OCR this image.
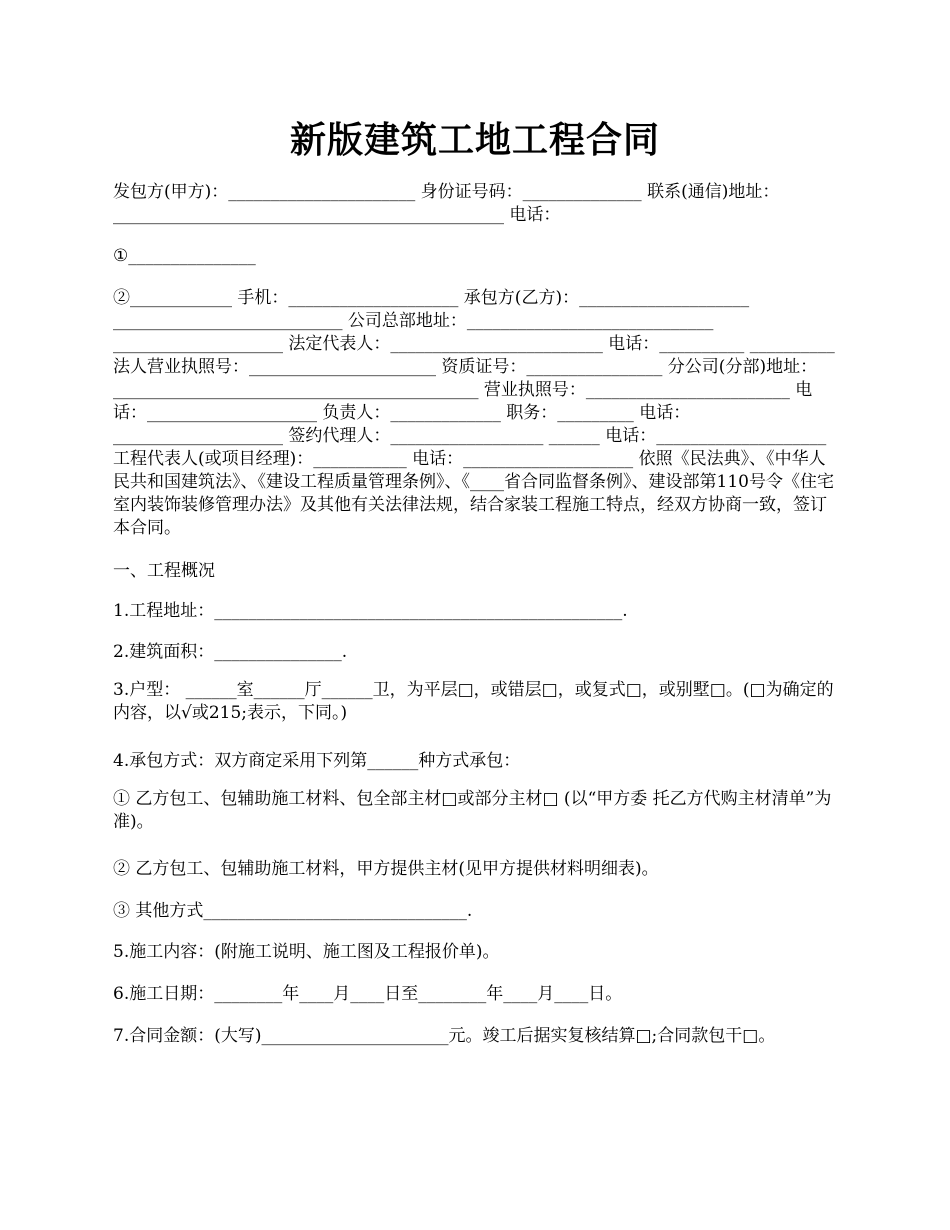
新版建筑工地工程合同
发包方(甲方)：______________________ 身份证号码：______________ 联系(通信)地址：______________________________________________ 电话：
①_______________
②____________ 手机：____________________ 承包方(乙方)：____________________ ___________________________ 公司总部地址：_____________________________ ____________________ 法定代表人：_________________________ 电话：__________ __________ 法人营业执照号：______________________ 资质证号：________________ 分公司(分部)地址：___________________________________________ 营业执照号：________________________ 电话：____________________ 负责人：_____________ 职务：_________ 电话：____________________ 签约代理人：__________________ ______ 电话：____________________ 工程代表人(或项目经理)：___________ 电话：____________________ 依照《民法典》、《中华人民共和国建筑法》、《建设工程质量管理条例》、《____省合同监督条例》、建设部第110号令《住宅室内装饰装修管理办法》及其他有关法律法规，结合家装工程施工特点，经双方协商一致，签订本合同。
一、工程概况
1.工程地址：________________________________________________.
2.建筑面积：_______________.
3.户型： ______室______厅______卫，为平层□，或错层□，或复式□，或别墅□。(□为确定的内容，以√或215;表示，下同。)
4.承包方式：双方商定采用下列第______种方式承包：
① 乙方包工、包辅助施工材料、包全部主材□或部分主材□ (以“甲方委 托乙方代购主材清单”为准)。
② 乙方包工、包辅助施工材料，甲方提供主材(见甲方提供材料明细表)。
③ 其他方式_______________________________.
5.施工内容：(附施工说明、施工图及工程报价单)。
6.施工日期：________年____月____日至________年____月____日。
7.合同金额：(大写)______________________元。竣工后据实复核结算□;合同款包干□。
